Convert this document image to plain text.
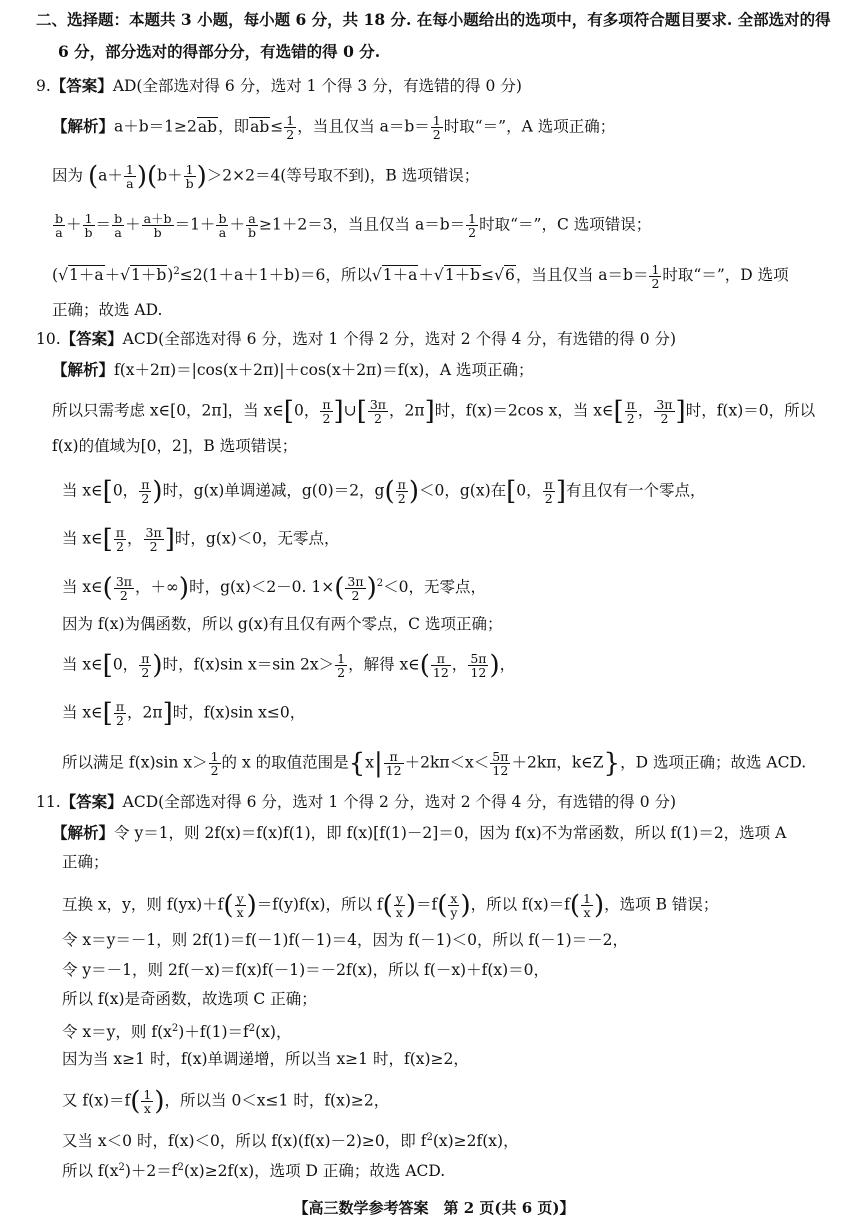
二、选择题：本题共 3 小题，每小题 6 分，共 18 分. 在每小题给出的选项中，有多项符合题目要求. 全部选对的得
6 分，部分选对的得部分分，有选错的得 0 分.
9.【答案】AD(全部选对得 6 分，选对 1 个得 3 分，有选错的得 0 分)
【解析】a＋b＝1≥2ab，即$ab\le \frac{1}{2}$ ，当且仅当 $a=b= \frac{1}{2}$ 时取“＝”，A 选项正确；
因为 $(a+ \frac{1}{a} )(b+ \frac{1}{b} )>2\times 2=4$(等号取不到)，B 选项错误；
$\frac{b}{a} + \frac{1}{b} = \frac{b}{a} + \frac{a+b}{b} =1+ \frac{b}{a} + \frac{a}{b} \ge 1+2=3$，当且仅当 $a=b= \frac{1}{2}$ 时取“＝”，C 选项错误；
$(√1+a+√1+b)^2\le 2(1+a+1+b)=6$，所以√1＋a＋√1＋b≤√6，当且仅当 $a=b= \frac{1}{2}$ 时取“＝”，D 选项
正确；故选 AD.
10.【答案】ACD(全部选对得 6 分，选对 1 个得 2 分，选对 2 个得 4 分，有选错的得 0 分)
【解析】f(x＋2π)＝|cos(x＋2π)|＋cos(x＋2π)＝f(x)，A 选项正确；
所以只需考虑 x∈[0，2π]，当 x∈[0， $\frac{\pi}{2}$ ]∪[ $\frac{3\pi}{2}$ ，2π]时，f(x)＝2cos x，当 x∈[ $\frac{\pi}{2}$ ， $\frac{3\pi}{2}$ ]时，f(x)＝0，所以
f(x)的值域为[0，2]，B 选项错误；
当 x∈[0， $\frac{\pi}{2}$ )时，g(x)单调递减，g(0)＝2，$g( \frac{\pi}{2} )<0$，g(x)在[0， $\frac{\pi}{2}$ ]有且仅有一个零点，
当 x∈[ $\frac{\pi}{2}$ ， $\frac{3\pi}{2}$ ]时，g(x)＜0，无零点，
当 x∈( $\frac{3\pi}{2}$ ，＋∞)时，g(x)＜2－0. $1\times( \frac{3\pi}{2} )^2<0$，无零点，
因为 f(x)为偶函数，所以 g(x)有且仅有两个零点，C 选项正确；
当 x∈[0， $\frac{\pi}{2}$ )时，f(x)sin x＝sin $2x> \frac{1}{2}$ ，解得 x∈( $\frac{\pi}{12}$ ， $\frac{5\pi}{12}$ )，
当 x∈[ $\frac{\pi}{2}$ ，2π]时，f(x)sin x≤0，
所以满足 f(x)sin $x> \frac{1}{2}$ 的 x 的取值范围是{$x| \frac{\pi}{12} +2k\pi<x< \frac{5\pi}{12} +2k\pi$，k∈Z}，D 选项正确；故选 ACD.
11.【答案】ACD(全部选对得 6 分，选对 1 个得 2 分，选对 2 个得 4 分，有选错的得 0 分)
【解析】令 y＝1，则 2f(x)＝f(x)f(1)，即 f(x)[f(1)－2]＝0，因为 f(x)不为常函数，所以 f(1)＝2，选项 A
正确；
互换 x，y，则 $f(yx)+f( \frac{y}{x} )=f(y)f(x)$，所以 $f( \frac{y}{x} )=f( \frac{x}{y}$ )，所以 $f(x)=f( \frac{1}{x}$ )，选项 B 错误；
令 x＝y＝－1，则 2f(1)＝f(－1)f(－1)＝4，因为 f(－1)＜0，所以 f(－1)＝－2，
令 y＝－1，则 2f(－x)＝f(x)f(－1)＝－2f(x)，所以 f(－x)＋f(x)＝0，
所以 f(x)是奇函数，故选项 C 正确；
令 x＝y，则 $f(x^2)+f(1)=f^2(x)$，
因为当 x≥1 时，f(x)单调递增，所以当 x≥1 时，f(x)≥2，
又 $f(x)=f( \frac{1}{x}$ )，所以当 0＜x≤1 时，f(x)≥2，
又当 x＜0 时，f(x)＜0，所以 f(x)(f(x)－2)≥0，即 $f^2(x)\ge 2f(x)$，
所以 $f(x^2)+2=f^2(x)\ge 2f(x)$，选项 D 正确；故选 ACD.
【高三数学参考答案　第 2 页(共 6 页)】
